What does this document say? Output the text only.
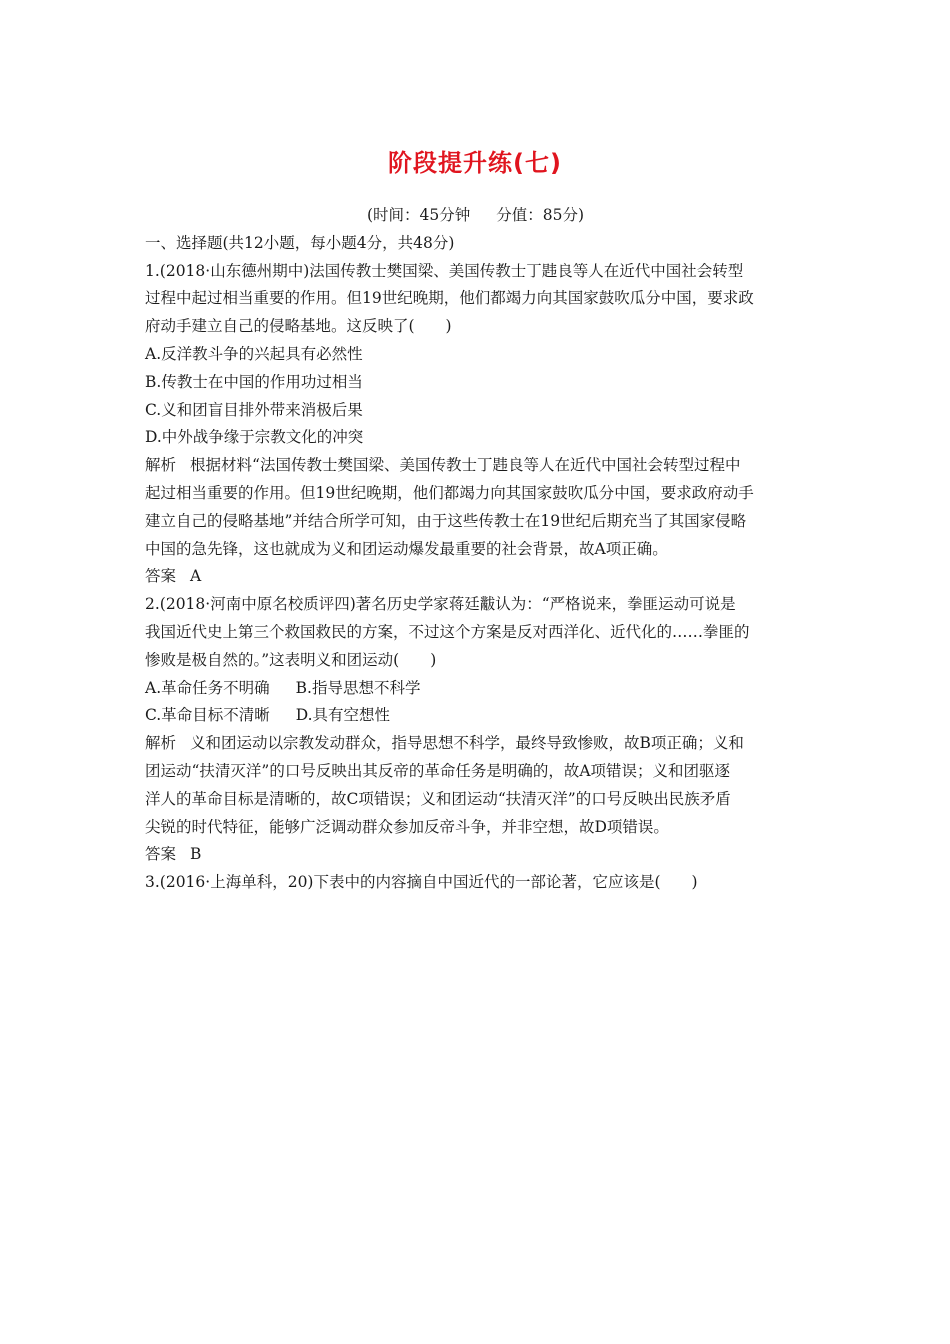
阶段提升练(七)
(时间：45分钟 分值：85分)
一、选择题(共12小题，每小题4分，共48分)
1.(2018·山东德州期中)法国传教士樊国梁、美国传教士丁韪良等人在近代中国社会转型
过程中起过相当重要的作用。但19世纪晚期，他们都竭力向其国家鼓吹瓜分中国，要求政
府动手建立自己的侵略基地。这反映了(　　)
A.反洋教斗争的兴起具有必然性
B.传教士在中国的作用功过相当
C.义和团盲目排外带来消极后果
D.中外战争缘于宗教文化的冲突
解析 根据材料“法国传教士樊国梁、美国传教士丁韪良等人在近代中国社会转型过程中
起过相当重要的作用。但19世纪晚期，他们都竭力向其国家鼓吹瓜分中国，要求政府动手
建立自己的侵略基地”并结合所学可知，由于这些传教士在19世纪后期充当了其国家侵略
中国的急先锋，这也就成为义和团运动爆发最重要的社会背景，故A项正确。
答案 A
2.(2018·河南中原名校质评四)著名历史学家蒋廷黻认为：“严格说来，拳匪运动可说是
我国近代史上第三个救国救民的方案，不过这个方案是反对西洋化、近代化的……拳匪的
惨败是极自然的。”这表明义和团运动(　　)
A.革命任务不明确 B.指导思想不科学
C.革命目标不清晰 D.具有空想性
解析 义和团运动以宗教发动群众，指导思想不科学，最终导致惨败，故B项正确；义和
团运动“扶清灭洋”的口号反映出其反帝的革命任务是明确的，故A项错误；义和团驱逐
洋人的革命目标是清晰的，故C项错误；义和团运动“扶清灭洋”的口号反映出民族矛盾
尖锐的时代特征，能够广泛调动群众参加反帝斗争，并非空想，故D项错误。
答案 B
3.(2016·上海单科，20)下表中的内容摘自中国近代的一部论著，它应该是(　　)
